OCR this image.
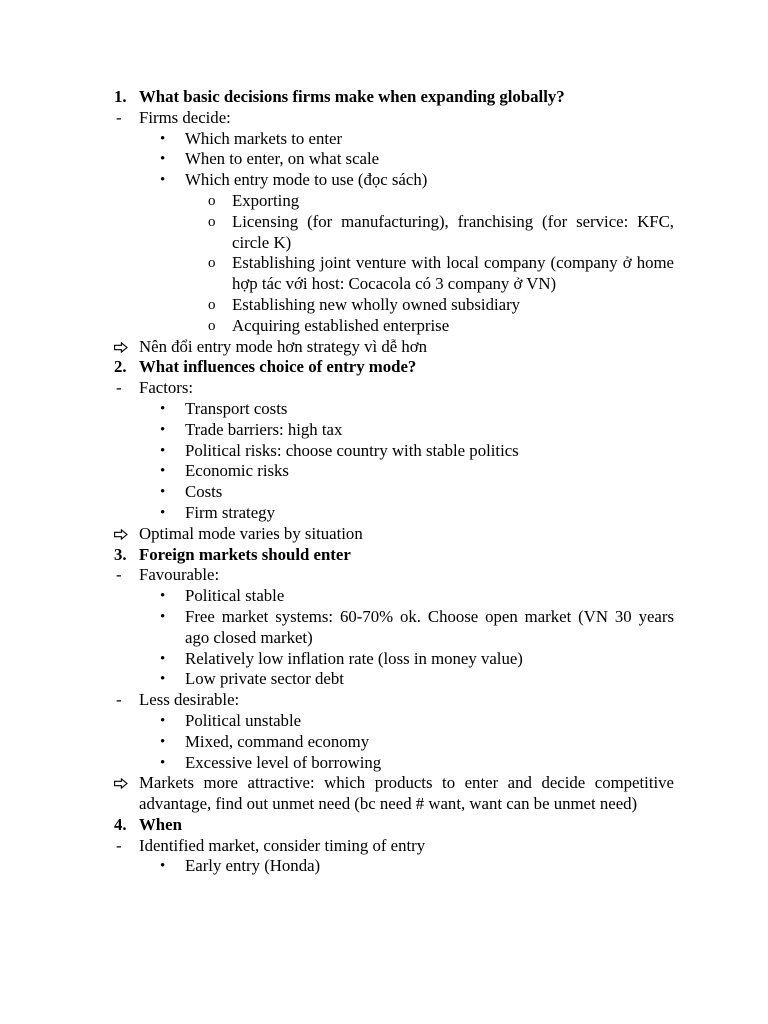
1. What basic decisions firms make when expanding globally?
- Firms decide:
• Which markets to enter
• When to enter, on what scale
• Which entry mode to use (đọc sách)
o Exporting
o Licensing (for manufacturing), franchising (for service: KFC, circle K)
o Establishing joint venture with local company (company ở home hợp tác với host: Cocacola có 3 company ở VN)
o Establishing new wholly owned subsidiary
o Acquiring established enterprise
Nên đổi entry mode hơn strategy vì dễ hơn
2. What influences choice of entry mode?
- Factors:
• Transport costs
• Trade barriers: high tax
• Political risks: choose country with stable politics
• Economic risks
• Costs
• Firm strategy
Optimal mode varies by situation
3. Foreign markets should enter
- Favourable:
• Political stable
• Free market systems: 60-70% ok. Choose open market (VN 30 years ago closed market)
• Relatively low inflation rate (loss in money value)
• Low private sector debt
- Less desirable:
• Political unstable
• Mixed, command economy
• Excessive level of borrowing
Markets more attractive: which products to enter and decide competitive advantage, find out unmet need (bc need # want, want can be unmet need)
4. When
- Identified market, consider timing of entry
• Early entry (Honda)
